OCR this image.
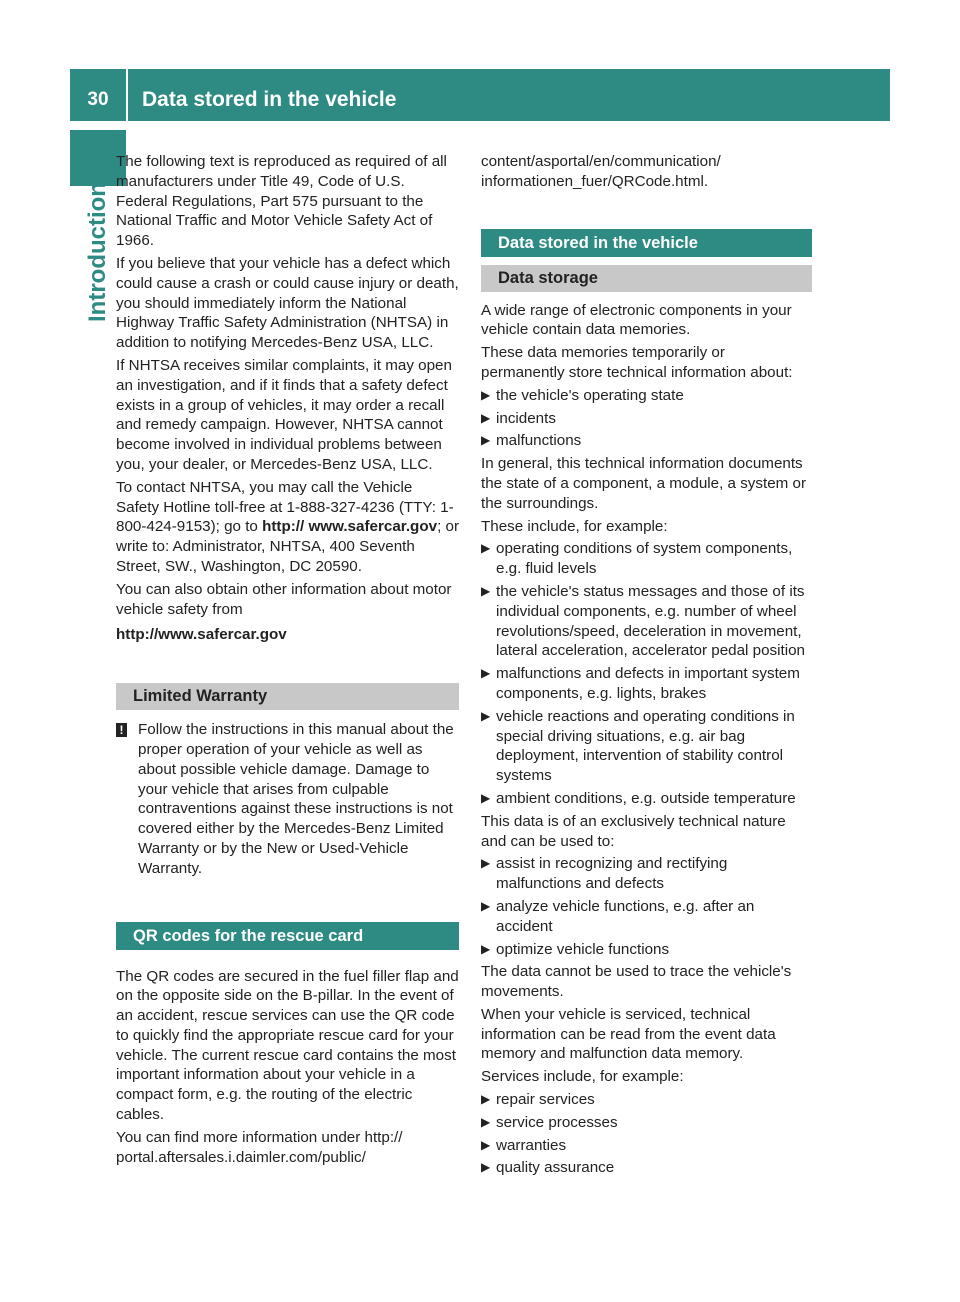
30	Data stored in the vehicle
Introduction

The following text is reproduced as required of all manufacturers under Title 49, Code of U.S. Federal Regulations, Part 575 pursuant to the National Traffic and Motor Vehicle Safety Act of 1966.

If you believe that your vehicle has a defect which could cause a crash or could cause injury or death, you should immediately inform the National Highway Traffic Safety Administration (NHTSA) in addition to notifying Mercedes-Benz USA, LLC.

If NHTSA receives similar complaints, it may open an investigation, and if it finds that a safety defect exists in a group of vehicles, it may order a recall and remedy campaign. However, NHTSA cannot become involved in individual problems between you, your dealer, or Mercedes-Benz USA, LLC.

To contact NHTSA, you may call the Vehicle Safety Hotline toll-free at 1-888-327-4236 (TTY: 1-800-424-9153); go to http:// www.safercar.gov; or write to: Administrator, NHTSA, 400 Seventh Street, SW., Washington, DC 20590.

You can also obtain other information about motor vehicle safety from

http://www.safercar.gov

Limited Warranty
! Follow the instructions in this manual about the proper operation of your vehicle as well as about possible vehicle damage. Damage to your vehicle that arises from culpable contraventions against these instructions is not covered either by the Mercedes-Benz Limited Warranty or by the New or Used-Vehicle Warranty.
QR codes for the rescue card

The QR codes are secured in the fuel filler flap and on the opposite side on the B-pillar. In the event of an accident, rescue services can use the QR code to quickly find the appropriate rescue card for your vehicle. The current rescue card contains the most important information about your vehicle in a compact form, e.g. the routing of the electric cables.

You can find more information under http:// portal.aftersales.i.daimler.com/public/

content/asportal/en/communication/ informationen_fuer/QRCode.html.

Data stored in the vehicle
Data storage

A wide range of electronic components in your vehicle contain data memories.

These data memories temporarily or permanently store technical information about:

▶ the vehicle's operating state
▶ incidents
▶ malfunctions

In general, this technical information documents the state of a component, a module, a system or the surroundings.

These include, for example:

▶ operating conditions of system components, e.g. fluid levels
▶ the vehicle's status messages and those of its individual components, e.g. number of wheel revolutions/speed, deceleration in movement, lateral acceleration, accelerator pedal position
▶ malfunctions and defects in important system components, e.g. lights, brakes
▶ vehicle reactions and operating conditions in special driving situations, e.g. air bag deployment, intervention of stability control systems
▶ ambient conditions, e.g. outside temperature

This data is of an exclusively technical nature and can be used to:

▶ assist in recognizing and rectifying malfunctions and defects
▶ analyze vehicle functions, e.g. after an accident
▶ optimize vehicle functions

The data cannot be used to trace the vehicle's movements.

When your vehicle is serviced, technical information can be read from the event data memory and malfunction data memory.

Services include, for example:

▶ repair services
▶ service processes
▶ warranties
▶ quality assurance
